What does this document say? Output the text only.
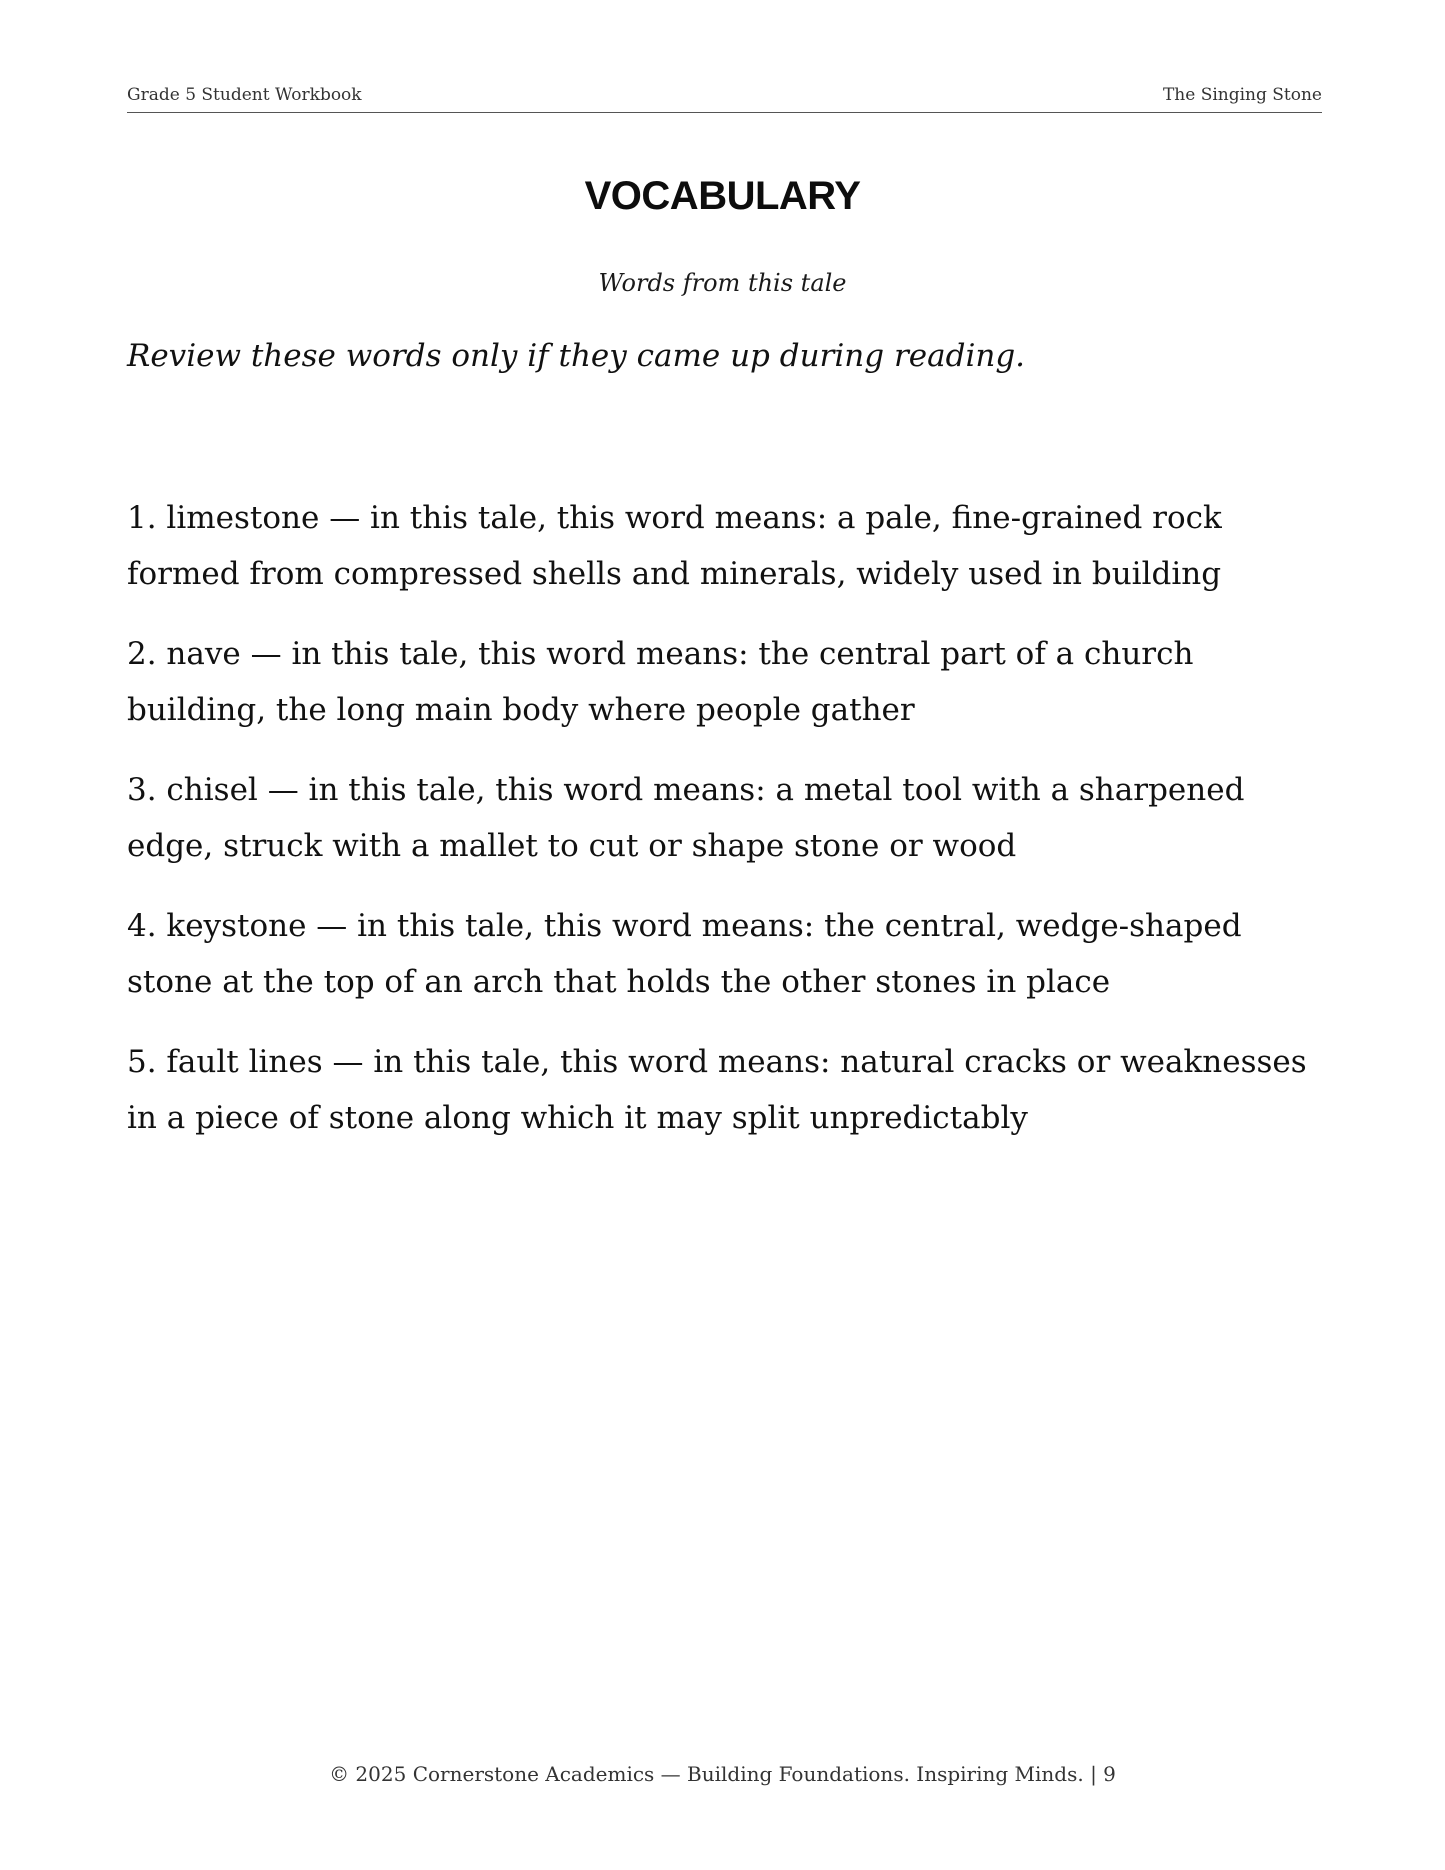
Grade 5 Student Workbook	The Singing Stone
VOCABULARY

Words from this tale

Review these words only if they came up during reading.

1. limestone — in this tale, this word means: a pale, fine-grained rock formed from compressed shells and minerals, widely used in building
2. nave — in this tale, this word means: the central part of a church building, the long main body where people gather
3. chisel — in this tale, this word means: a metal tool with a sharpened edge, struck with a mallet to cut or shape stone or wood
4. keystone — in this tale, this word means: the central, wedge-shaped stone at the top of an arch that holds the other stones in place
5. fault lines — in this tale, this word means: natural cracks or weaknesses in a piece of stone along which it may split unpredictably

© 2025 Cornerstone Academics — Building Foundations. Inspiring Minds. | 9
